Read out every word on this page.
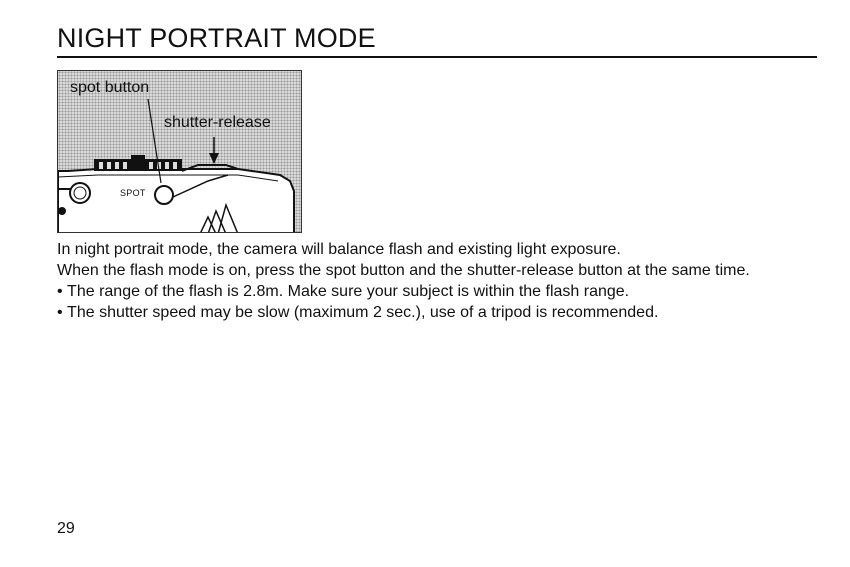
NIGHT PORTRAIT MODE
spot button
shutter-release
SPOT

In night portrait mode, the camera will balance flash and existing light exposure.

When the flash mode is on, press the spot button and the shutter-release button at the same time.

• The range of the flash is 2.8m. Make sure your subject is within the flash range.
• The shutter speed may be slow (maximum 2 sec.), use of a tripod is recommended.
29
